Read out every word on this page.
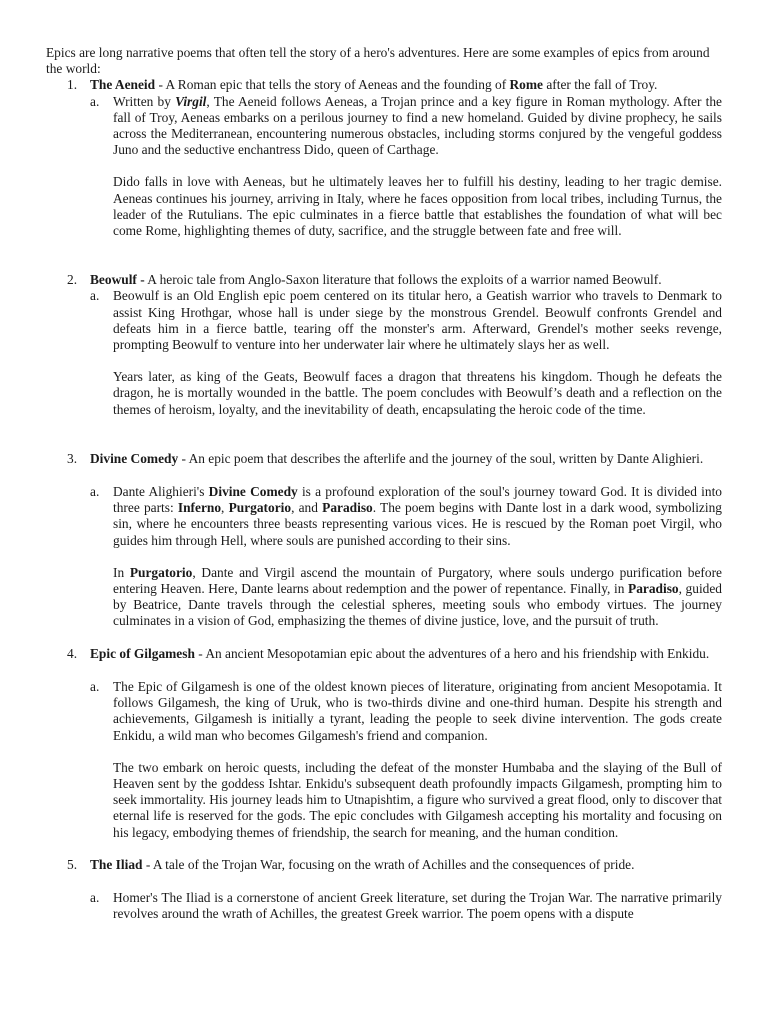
Epics are long narrative poems that often tell the story of a hero's adventures. Here are some examples of epics from around the world:

1. The Aeneid - A Roman epic that tells the story of Aeneas and the founding of Rome after the fall of Troy.
a. Written by Virgil, The Aeneid follows Aeneas, a Trojan prince and a key figure in Roman mythology. After the fall of Troy, Aeneas embarks on a perilous journey to find a new homeland. Guided by divine prophecy, he sails across the Mediterranean, encountering numerous obstacles, including storms conjured by the vengeful goddess Juno and the seductive enchantress Dido, queen of Carthage.

Dido falls in love with Aeneas, but he ultimately leaves her to fulfill his destiny, leading to her tragic demise. Aeneas continues his journey, arriving in Italy, where he faces opposition from local tribes, including Turnus, the leader of the Rutulians. The epic culminates in a fierce battle that establishes the foundation of what will bec come Rome, highlighting themes of duty, sacrifice, and the struggle between fate and free will.

2. Beowulf - A heroic tale from Anglo-Saxon literature that follows the exploits of a warrior named Beowulf.
a. Beowulf is an Old English epic poem centered on its titular hero, a Geatish warrior who travels to Denmark to assist King Hrothgar, whose hall is under siege by the monstrous Grendel. Beowulf confronts Grendel and defeats him in a fierce battle, tearing off the monster's arm. Afterward, Grendel's mother seeks revenge, prompting Beowulf to venture into her underwater lair where he ultimately slays her as well.

Years later, as king of the Geats, Beowulf faces a dragon that threatens his kingdom. Though he defeats the dragon, he is mortally wounded in the battle. The poem concludes with Beowulf’s death and a reflection on the themes of heroism, loyalty, and the inevitability of death, encapsulating the heroic code of the time.

3. Divine Comedy - An epic poem that describes the afterlife and the journey of the soul, written by Dante Alighieri.
a. Dante Alighieri's Divine Comedy is a profound exploration of the soul's journey toward God. It is divided into three parts: Inferno, Purgatorio, and Paradiso. The poem begins with Dante lost in a dark wood, symbolizing sin, where he encounters three beasts representing various vices. He is rescued by the Roman poet Virgil, who guides him through Hell, where souls are punished according to their sins.

In Purgatorio, Dante and Virgil ascend the mountain of Purgatory, where souls undergo purification before entering Heaven. Here, Dante learns about redemption and the power of repentance. Finally, in Paradiso, guided by Beatrice, Dante travels through the celestial spheres, meeting souls who embody virtues. The journey culminates in a vision of God, emphasizing the themes of divine justice, love, and the pursuit of truth.

4. Epic of Gilgamesh - An ancient Mesopotamian epic about the adventures of a hero and his friendship with Enkidu.
a. The Epic of Gilgamesh is one of the oldest known pieces of literature, originating from ancient Mesopotamia. It follows Gilgamesh, the king of Uruk, who is two-thirds divine and one-third human. Despite his strength and achievements, Gilgamesh is initially a tyrant, leading the people to seek divine intervention. The gods create Enkidu, a wild man who becomes Gilgamesh's friend and companion.

The two embark on heroic quests, including the defeat of the monster Humbaba and the slaying of the Bull of Heaven sent by the goddess Ishtar. Enkidu's subsequent death profoundly impacts Gilgamesh, prompting him to seek immortality. His journey leads him to Utnapishtim, a figure who survived a great flood, only to discover that eternal life is reserved for the gods. The epic concludes with Gilgamesh accepting his mortality and focusing on his legacy, embodying themes of friendship, the search for meaning, and the human condition.

5. The Iliad - A tale of the Trojan War, focusing on the wrath of Achilles and the consequences of pride.
a. Homer's The Iliad is a cornerstone of ancient Greek literature, set during the Trojan War. The narrative primarily revolves around the wrath of Achilles, the greatest Greek warrior. The poem opens with a dispute
